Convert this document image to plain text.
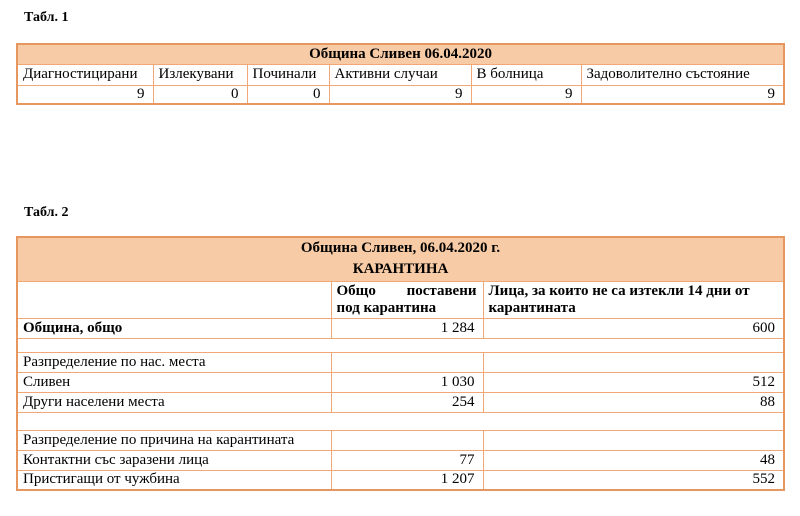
Табл. 1
Община Сливен 06.04.2020					
Диагностицирани	Излекувани	Починали	Активни случаи	В болница	Задоволително състояние
9	0	0	9	9	9
Табл. 2
Община Сливен, 06.04.2020 г.
КАРАНТИНА		

	Общо поставени под карантина	Лица, за които не са изтекли 14 дни от карантината
Община, общо	1 284	600

Разпределение по нас. места		
Сливен	1 030	512
Други населени места	254	88

Разпределение по причина на карантината		
Контактни със заразени лица	77	48
Пристигащи от чужбина	1 207	552
